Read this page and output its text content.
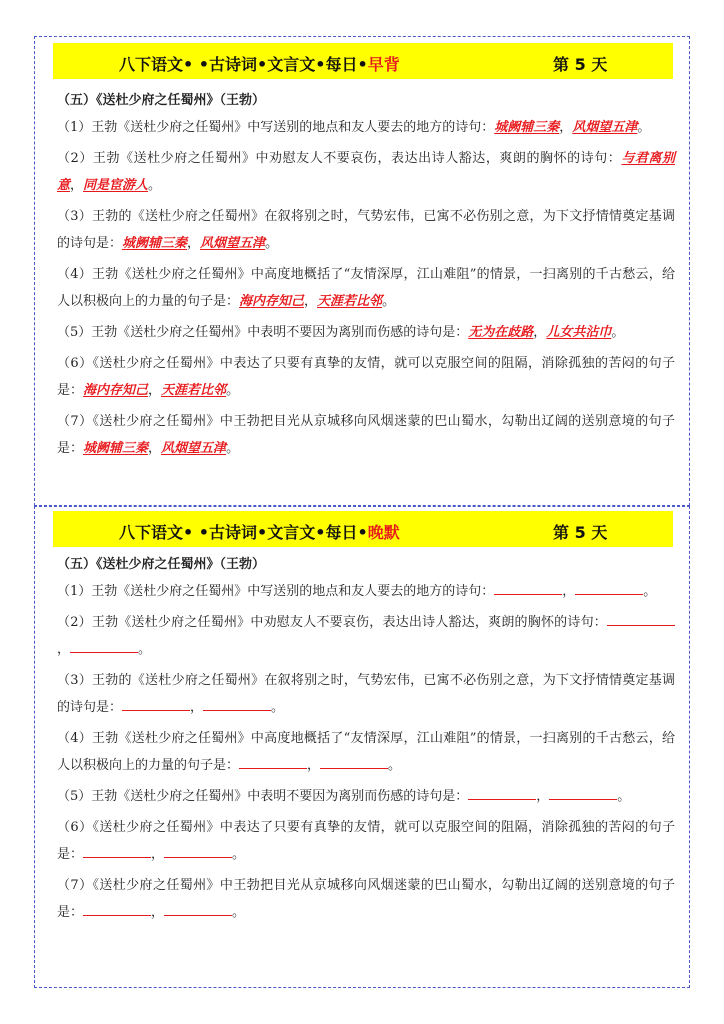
八下语文• •古诗词•文言文•每日•早背	第 5 天
（五）《送杜少府之任蜀州》（王勃）
（1）王勃《送杜少府之任蜀州》中写送别的地点和友人要去的地方的诗句：城阙辅三秦，风烟望五津。
（2）王勃《送杜少府之任蜀州》中劝慰友人不要哀伤，表达出诗人豁达，爽朗的胸怀的诗句：与君离别意，同是宦游人。
（3）王勃的《送杜少府之任蜀州》在叙将别之时，气势宏伟，已寓不必伤别之意，为下文抒情情奠定基调的诗句是：城阙辅三秦，风烟望五津。
（4）王勃《送杜少府之任蜀州》中高度地概括了“友情深厚，江山难阻”的情景，一扫离别的千古愁云，给人以积极向上的力量的句子是：海内存知己，天涯若比邻。
（5）王勃《送杜少府之任蜀州》中表明不要因为离别而伤感的诗句是：无为在歧路，儿女共沾巾。
（6）《送杜少府之任蜀州》中表达了只要有真挚的友情，就可以克服空间的阻隔，消除孤独的苦闷的句子是：海内存知己，天涯若比邻。
（7）《送杜少府之任蜀州》中王勃把目光从京城移向风烟迷蒙的巴山蜀水，勾勒出辽阔的送别意境的句子是：城阙辅三秦，风烟望五津。
八下语文• •古诗词•文言文•每日•晚默	第 5 天
（五）《送杜少府之任蜀州》（王勃）
（1）王勃《送杜少府之任蜀州》中写送别的地点和友人要去的地方的诗句：	，	。
（2）王勃《送杜少府之任蜀州》中劝慰友人不要哀伤，表达出诗人豁达，爽朗的胸怀的诗句：，	。
（3）王勃的《送杜少府之任蜀州》在叙将别之时，气势宏伟，已寓不必伤别之意，为下文抒情情奠定基调的诗句是：	，	。
（4）王勃《送杜少府之任蜀州》中高度地概括了“友情深厚，江山难阻”的情景，一扫离别的千古愁云，给人以积极向上的力量的句子是：	，	。
（5）王勃《送杜少府之任蜀州》中表明不要因为离别而伤感的诗句是：	，	。
（6）《送杜少府之任蜀州》中表达了只要有真挚的友情，就可以克服空间的阻隔，消除孤独的苦闷的句子是：	，	。
（7）《送杜少府之任蜀州》中王勃把目光从京城移向风烟迷蒙的巴山蜀水，勾勒出辽阔的送别意境的句子是：	，	。
